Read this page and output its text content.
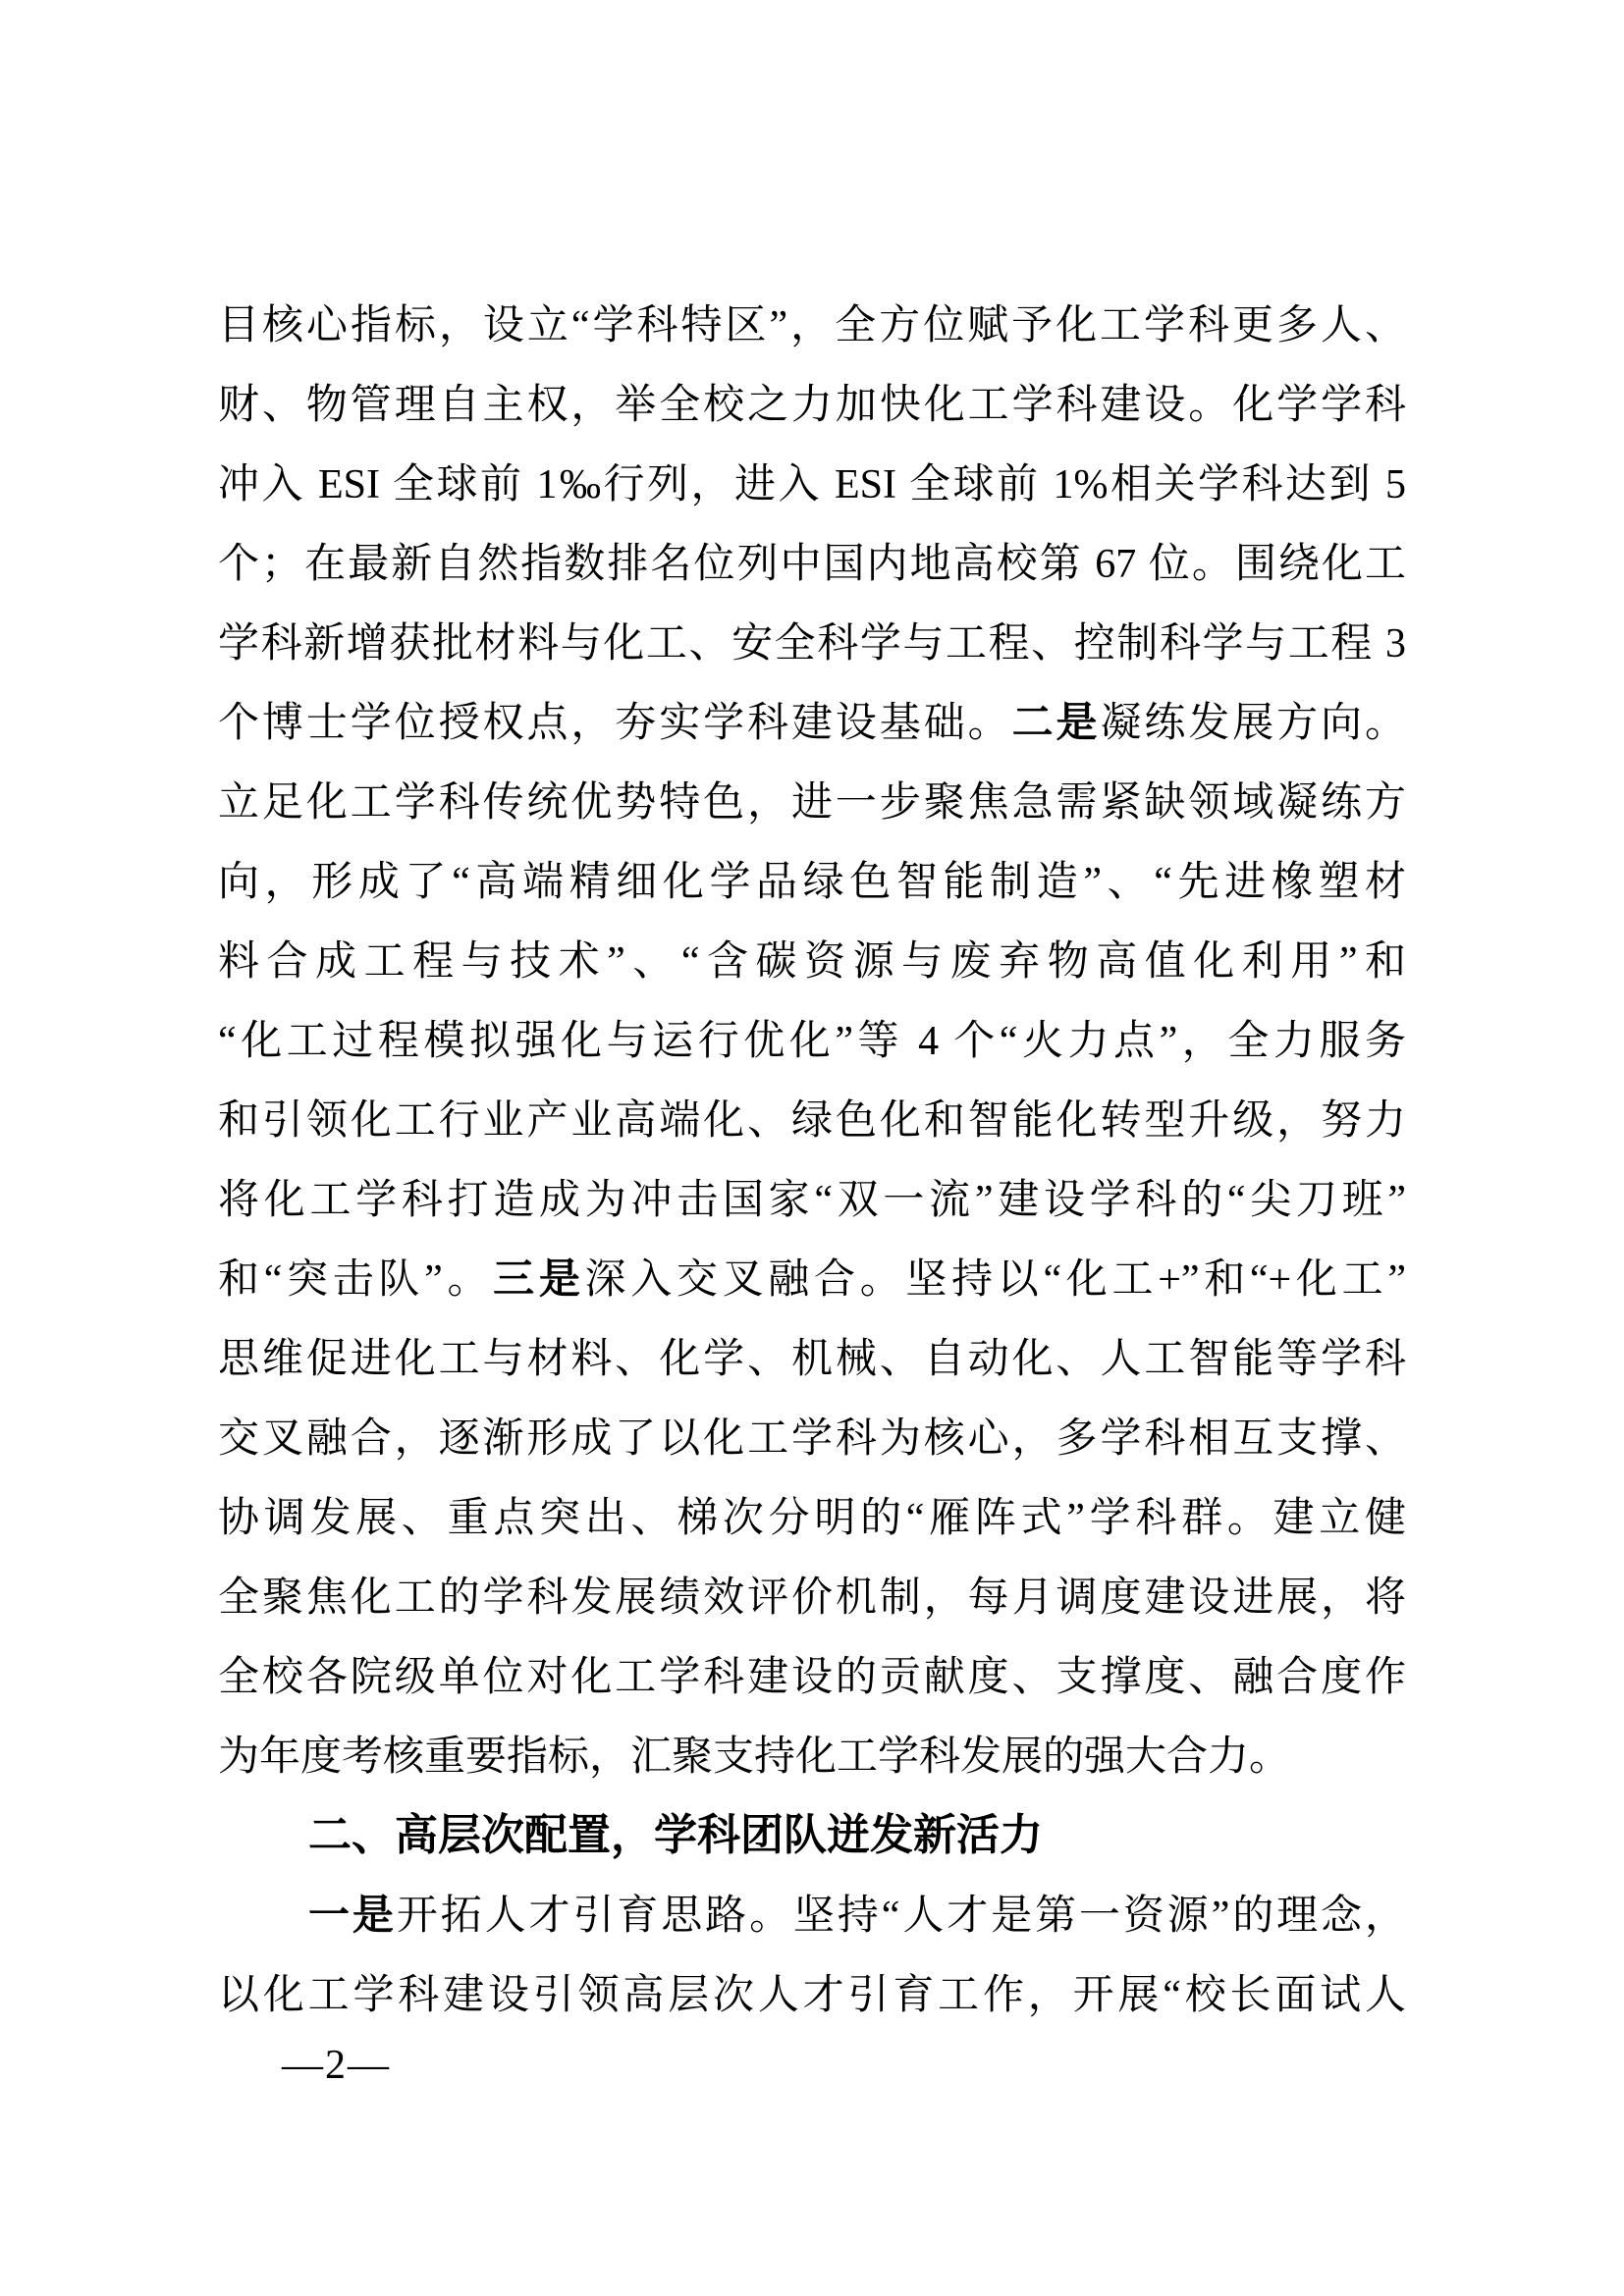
目核心指标，设立“学科特区”，全方位赋予化工学科更多人、
财、物管理自主权，举全校之力加快化工学科建设。化学学科
冲入 ESI 全球前 1‰行列，进入 ESI 全球前 1%相关学科达到 5
个；在最新自然指数排名位列中国内地高校第 67 位。围绕化工
学科新增获批材料与化工、安全科学与工程、控制科学与工程 3
个博士学位授权点，夯实学科建设基础。二是凝练发展方向。
立足化工学科传统优势特色，进一步聚焦急需紧缺领域凝练方
向，形成了“高端精细化学品绿色智能制造”、“先进橡塑材
料合成工程与技术”、“含碳资源与废弃物高值化利用”和
“化工过程模拟强化与运行优化”等 4 个“火力点”，全力服务
和引领化工行业产业高端化、绿色化和智能化转型升级，努力
将化工学科打造成为冲击国家“双一流”建设学科的“尖刀班”
和“突击队”。三是深入交叉融合。坚持以“化工+”和“+化工”
思维促进化工与材料、化学、机械、自动化、人工智能等学科
交叉融合，逐渐形成了以化工学科为核心，多学科相互支撑、
协调发展、重点突出、梯次分明的“雁阵式”学科群。建立健
全聚焦化工的学科发展绩效评价机制，每月调度建设进展，将
全校各院级单位对化工学科建设的贡献度、支撑度、融合度作
为年度考核重要指标，汇聚支持化工学科发展的强大合力。
二、高层次配置，学科团队迸发新活力
一是开拓人才引育思路。坚持“人才是第一资源”的理念，
以化工学科建设引领高层次人才引育工作，开展“校长面试人
—2—
